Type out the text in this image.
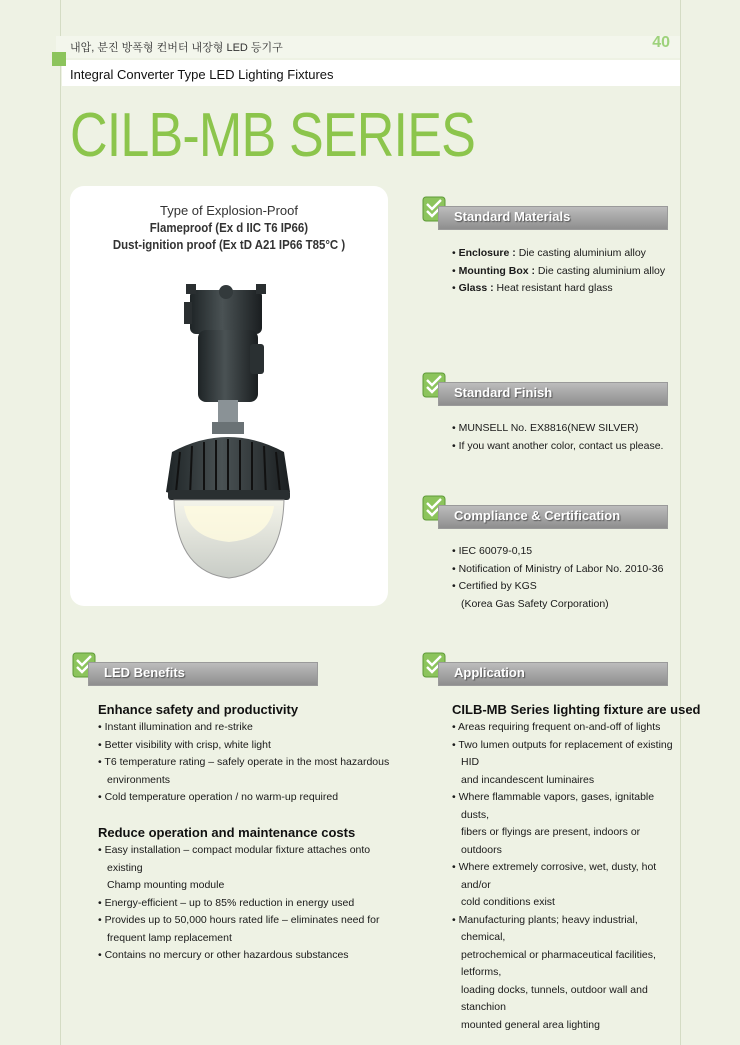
내압, 분진 방폭형 컨버터 내장형 LED 등기구	40
Integral Converter Type LED Lighting Fixtures
CILB-MB SERIES
Type of Explosion-Proof
Flameproof (Ex d IIC T6 IP66)
Dust-ignition proof (Ex tD A21 IP66 T85°C )
Standard Materials
• Enclosure : Die casting aluminium alloy
• Mounting Box : Die casting aluminium alloy
• Glass : Heat resistant hard glass
Standard Finish
• MUNSELL No. EX8816(NEW SILVER)
• If you want another color, contact us please.
Compliance & Certification
• IEC 60079-0,15
• Notification of Ministry of Labor No. 2010-36
• Certified by KGS
(Korea Gas Safety Corporation)
LED Benefits
Enhance safety and productivity
• Instant illumination and re-strike
• Better visibility with crisp, white light
• T6 temperature rating – safely operate in the most hazardous
environments
• Cold temperature operation / no warm-up required
Reduce operation and maintenance costs
• Easy installation – compact modular fixture attaches onto existing
Champ mounting module
• Energy-efficient – up to 85% reduction in energy used
• Provides up to 50,000 hours rated life – eliminates need for
frequent lamp replacement
• Contains no mercury or other hazardous substances
Application
CILB-MB Series lighting fixture are used
• Areas requiring frequent on-and-off of lights
• Two lumen outputs for replacement of existing HID
and incandescent luminaires
• Where flammable vapors, gases, ignitable dusts,
fibers or flyings are present, indoors or outdoors
• Where extremely corrosive, wet, dusty, hot and/or
cold conditions exist
• Manufacturing plants; heavy industrial, chemical,
petrochemical or pharmaceutical facilities, letforms,
loading docks, tunnels, outdoor wall and stanchion
mounted general area lighting
